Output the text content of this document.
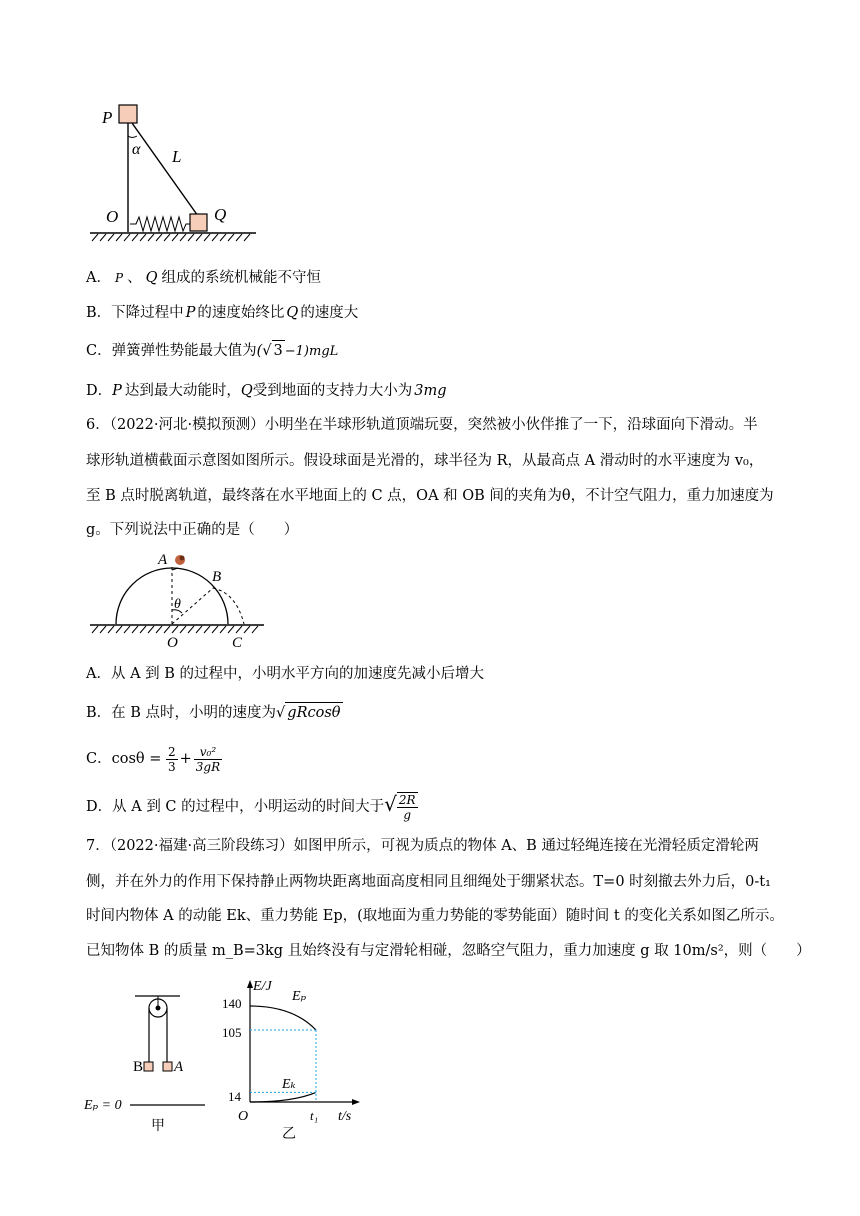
P
α L
O	Q
A． P 、 Q 组成的系统机械能不守恒
B．下降过程中 P 的速度始终比 Q 的速度大
C．弹簧弹性势能最大值为(√ 3 −1)mgL
D．P 达到最大动能时，Q受到地面的支持力大小为 3mg
6．（2022·河北·模拟预测）小明坐在半球形轨道顶端玩耍，突然被小伙伴推了一下，沿球面向下滑动。半
球形轨道横截面示意图如图所示。假设球面是光滑的，球半径为 R，从最高点 A 滑动时的水平速度为 v₀，
至 B 点时脱离轨道，最终落在水平地面上的 C 点，OA 和 OB 间的夹角为θ，不计空气阻力，重力加速度为
g。下列说法中正确的是（　　）
A
B
θ
O	C
A．从 A 到 B 的过程中，小明水平方向的加速度先减小后增大
B．在 B 点时，小明的速度为√ gRcosθ
C．$\cos\theta = \frac{2}{3} + \frac{\text{v₀²}}{3gR}$
D．从 A 到 C 的过程中，小明运动的时间大于√ $\frac{2R}{g}$
7．（2022·福建·高三阶段练习）如图甲所示，可视为质点的物体 A、B 通过轻绳连接在光滑轻质定滑轮两
侧，并在外力的作用下保持静止两物块距离地面高度相同且细绳处于绷紧状态。T=0 时刻撤去外力后，0-t₁
时间内物体 A 的动能 Ek、重力势能 Ep，(取地面为重力势能的零势能面）随时间 t 的变化关系如图乙所示。
已知物体 B 的质量 m_B=3kg 且始终没有与定滑轮相碰，忽略空气阻力，重力加速度 g 取 10m/s²，则（　　）
B A
Eₚ = 0
甲
E/J
t/s
140
105
14
O	t₁
Eₚ
Eₖ
乙
